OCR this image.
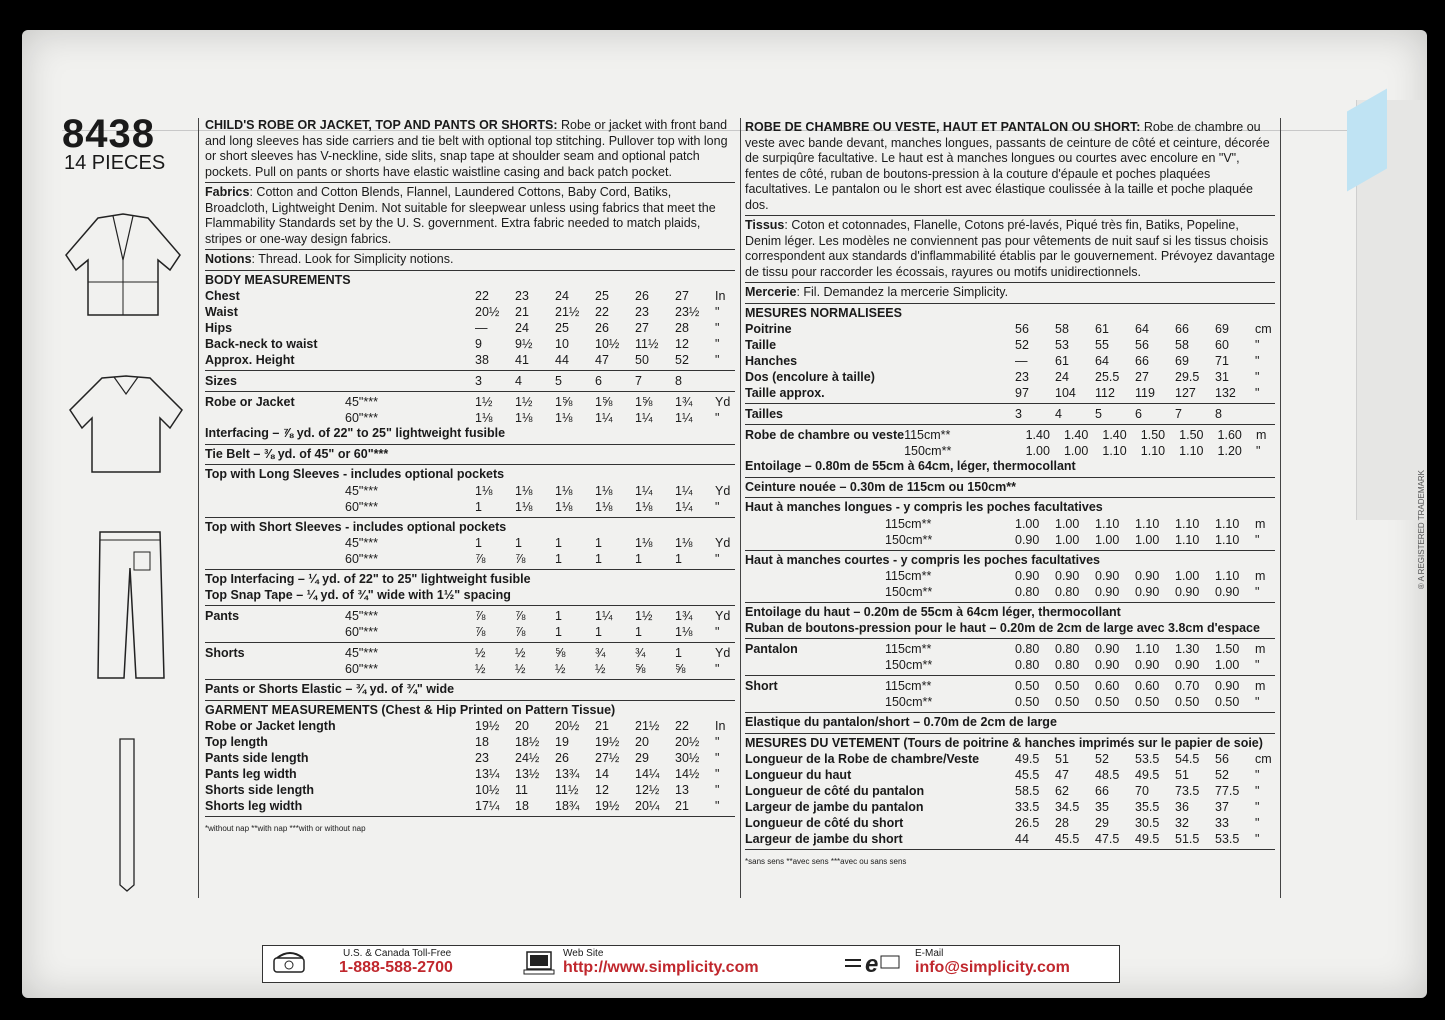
® A REGISTERED TRADEMARK
8438
14 PIECES
CHILD'S ROBE OR JACKET, TOP AND PANTS OR SHORTS: Robe or jacket with front band and long sleeves has side carriers and tie belt with optional top stitching. Pullover top with long or short sleeves has V-neckline, side slits, snap tape at shoulder seam and optional patch pockets. Pull on pants or shorts have elastic waistline casing and back patch pocket.
Fabrics: Cotton and Cotton Blends, Flannel, Laundered Cottons, Baby Cord, Batiks, Broadcloth, Lightweight Denim. Not suitable for sleepwear unless using fabrics that meet the Flammability Standards set by the U. S. government. Extra fabric needed to match plaids, stripes or one-way design fabrics.
Notions: Thread. Look for Simplicity notions.
BODY MEASUREMENTS
Chest	22	23	24	25	26	27	In
Waist	20½	21	21½	22	23	23½	"
Hips	—	24	25	26	27	28	"
Back-neck to waist	9	9½	10	10½	11½	12	"
Approx. Height	38	41	44	47	50	52	"
Sizes	3	4	5	6	7	8	
Robe or Jacket	45"***	1½	1½	1⅝	1⅝	1⅝	1¾	Yd
	60"***	1⅛	1⅛	1⅛	1¼	1¼	1¼	"
Interfacing – ⅞ yd. of 22" to 25" lightweight fusible
Tie Belt – ⅜ yd. of 45" or 60"***
Top with Long Sleeves - includes optional pockets
	45"***	1⅛	1⅛	1⅛	1⅛	1¼	1¼	Yd
	60"***	1	1⅛	1⅛	1⅛	1⅛	1¼	"
Top with Short Sleeves - includes optional pockets
	45"***	1	1	1	1	1⅛	1⅛	Yd
	60"***	⅞	⅞	1	1	1	1	"
Top Interfacing – ¼ yd. of 22" to 25" lightweight fusible
Top Snap Tape – ¼ yd. of ¾" wide with 1½" spacing
Pants	45"***	⅞	⅞	1	1¼	1½	1¾	Yd
	60"***	⅞	⅞	1	1	1	1⅛	"
Shorts	45"***	½	½	⅝	¾	¾	1	Yd
	60"***	½	½	½	½	⅝	⅝	"
Pants or Shorts Elastic – ¾ yd. of ¾" wide
GARMENT MEASUREMENTS (Chest & Hip Printed on Pattern Tissue)
Robe or Jacket length	19½	20	20½	21	21½	22	In
Top length	18	18½	19	19½	20	20½	"
Pants side length	23	24½	26	27½	29	30½	"
Pants leg width	13¼	13½	13¾	14	14¼	14½	"
Shorts side length	10½	11	11½	12	12½	13	"
Shorts leg width	17¼	18	18¾	19½	20¼	21	"
*without nap **with nap ***with or without nap
ROBE DE CHAMBRE OU VESTE, HAUT ET PANTALON OU SHORT: Robe de chambre ou veste avec bande devant, manches longues, passants de ceinture de côté et ceinture, décorée de surpiqûre facultative. Le haut est à manches longues ou courtes avec encolure en "V", fentes de côté, ruban de boutons-pression à la couture d'épaule et poches plaquées facultatives. Le pantalon ou le short est avec élastique coulissée à la taille et poche plaquée dos.
Tissus: Coton et cotonnades, Flanelle, Cotons pré-lavés, Piqué très fin, Batiks, Popeline, Denim léger. Les modèles ne conviennent pas pour vêtements de nuit sauf si les tissus choisis correspondent aux standards d'inflammabilité établis par le gouvernement. Prévoyez davantage de tissu pour raccorder les écossais, rayures ou motifs unidirectionnels.
Mercerie: Fil. Demandez la mercerie Simplicity.
MESURES NORMALISEES
Poitrine	56	58	61	64	66	69	cm
Taille	52	53	55	56	58	60	"
Hanches	—	61	64	66	69	71	"
Dos (encolure à taille)	23	24	25.5	27	29.5	31	"
Taille approx.	97	104	112	119	127	132	"
Tailles	3	4	5	6	7	8	
Robe de chambre ou veste	115cm**	1.40	1.40	1.40	1.50	1.50	1.60	m
	150cm**	1.00	1.00	1.10	1.10	1.10	1.20	"
Entoilage – 0.80m de 55cm à 64cm, léger, thermocollant
Ceinture nouée – 0.30m de 115cm ou 150cm**
Haut à manches longues - y compris les poches facultatives
	115cm**	1.00	1.00	1.10	1.10	1.10	1.10	m
	150cm**	0.90	1.00	1.00	1.00	1.10	1.10	"
Haut à manches courtes - y compris les poches facultatives
	115cm**	0.90	0.90	0.90	0.90	1.00	1.10	m
	150cm**	0.80	0.80	0.90	0.90	0.90	0.90	"
Entoilage du haut – 0.20m de 55cm à 64cm léger, thermocollant
Ruban de boutons-pression pour le haut – 0.20m de 2cm de large avec 3.8cm d'espace
Pantalon	115cm**	0.80	0.80	0.90	1.10	1.30	1.50	m
	150cm**	0.80	0.80	0.90	0.90	0.90	1.00	"
Short	115cm**	0.50	0.50	0.60	0.60	0.70	0.90	m
	150cm**	0.50	0.50	0.50	0.50	0.50	0.50	"
Elastique du pantalon/short – 0.70m de 2cm de large
MESURES DU VETEMENT (Tours de poitrine & hanches imprimés sur le papier de soie)
Longueur de la Robe de chambre/Veste	49.5	51	52	53.5	54.5	56	cm
Longueur du haut	45.5	47	48.5	49.5	51	52	"
Longueur de côté du pantalon	58.5	62	66	70	73.5	77.5	"
Largeur de jambe du pantalon	33.5	34.5	35	35.5	36	37	"
Longueur de côté du short	26.5	28	29	30.5	32	33	"
Largeur de jambe du short	44	45.5	47.5	49.5	51.5	53.5	"
*sans sens **avec sens ***avec ou sans sens
U.S. & Canada Toll-Free
1-888-588-2700
Web Site
http://www.simplicity.com	e	E-Mail
info@simplicity.com
